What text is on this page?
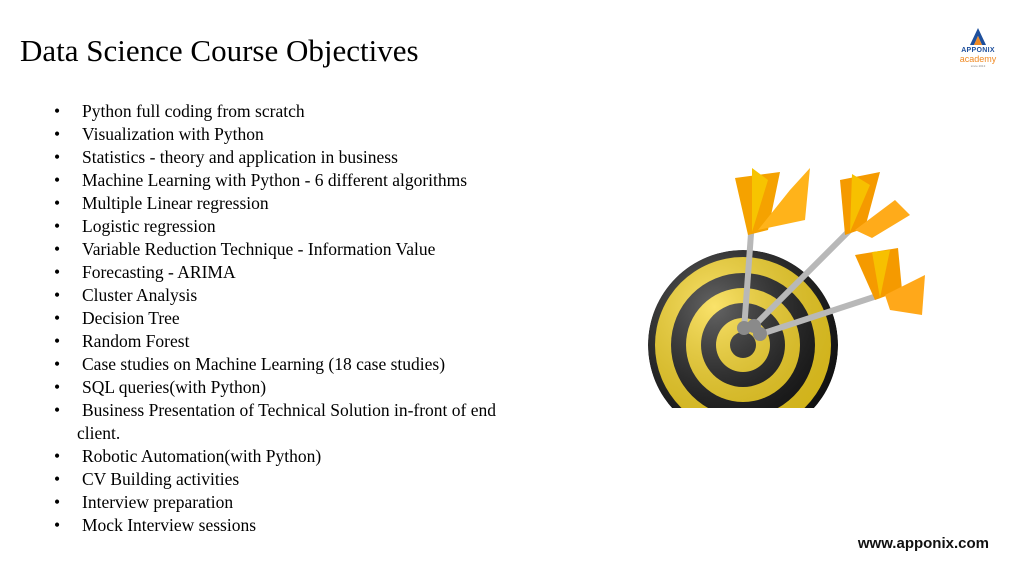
Data Science Course Objectives	APPONIX
academy
since 2013
•	Python full coding from scratch
•	Visualization with Python
•	Statistics - theory and application in business
•	Machine Learning with Python - 6 different algorithms
•	Multiple Linear regression
•	Logistic regression
•	Variable Reduction Technique - Information Value
•	Forecasting - ARIMA
•	Cluster Analysis
•	Decision Tree
•	Random Forest
•	Case studies on Machine Learning (18 case studies)
•	SQL queries(with Python)
•	Business Presentation of Technical Solution in-front of end
client.
•	Robotic Automation(with Python)
•	CV Building activities
•	Interview preparation
•	Mock Interview sessions
www.apponix.com
